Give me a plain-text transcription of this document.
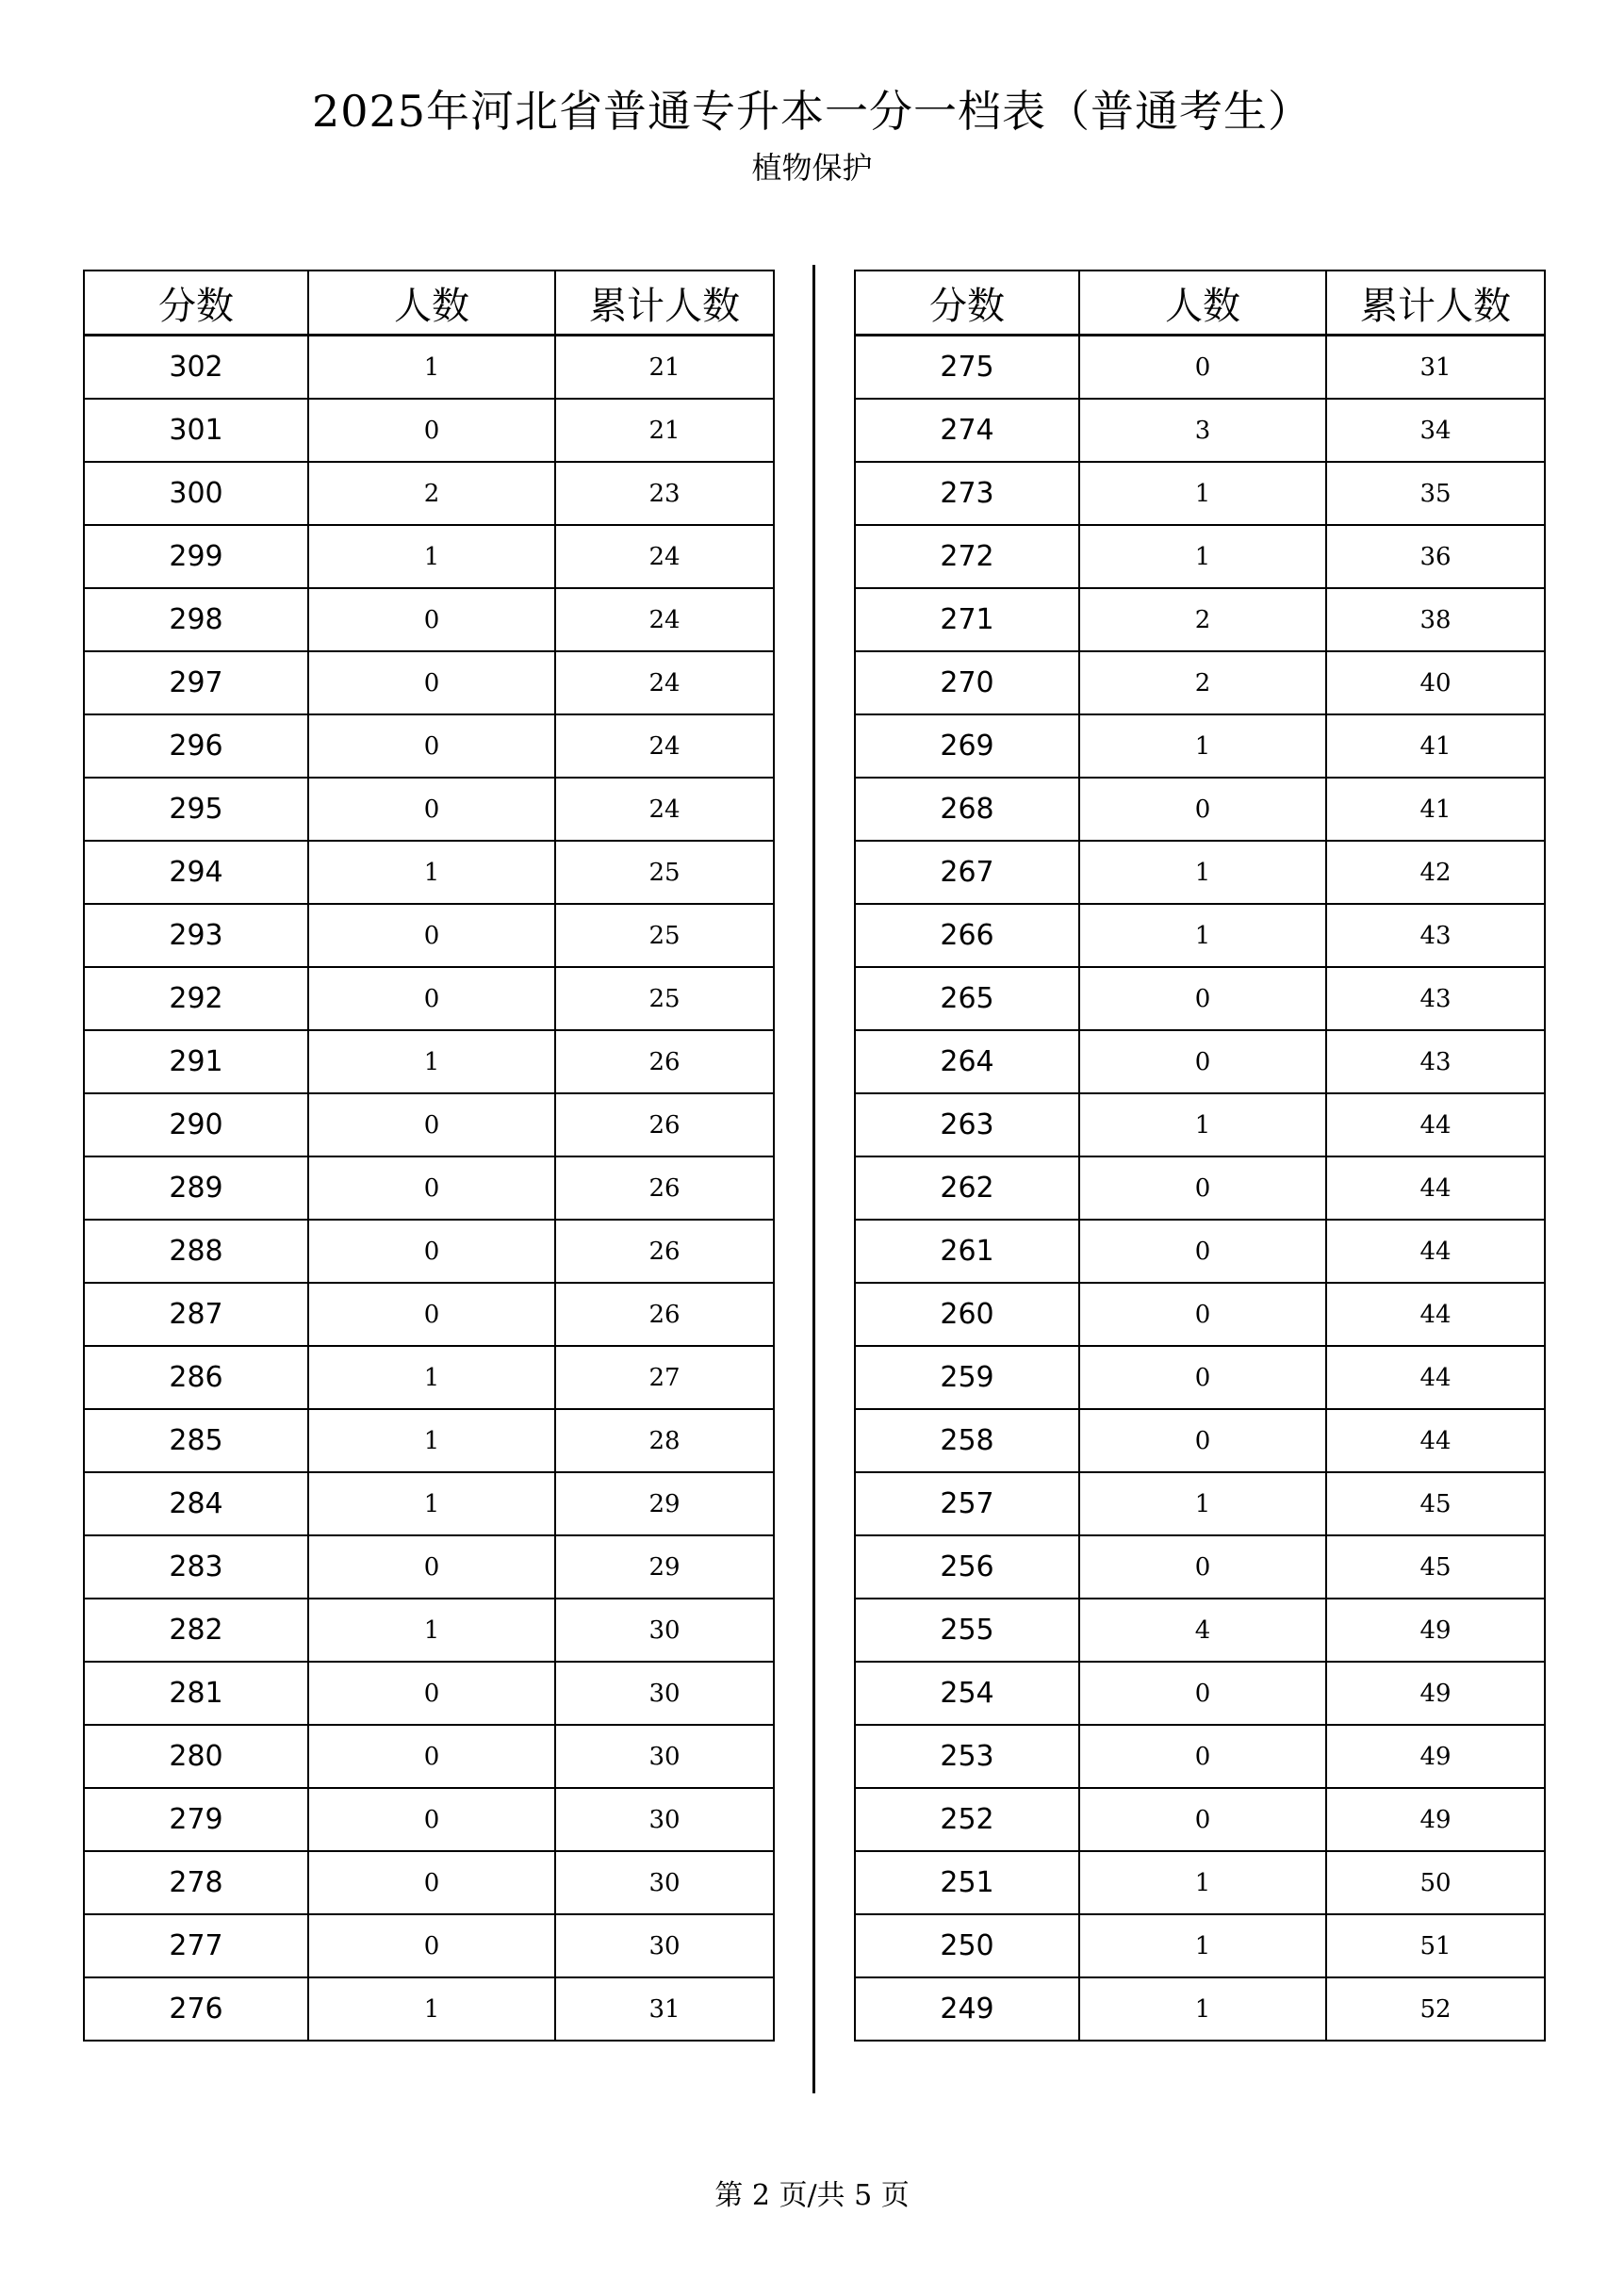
2025年河北省普通专升本一分一档表（普通考生）
植物保护
分数	人数	累计人数
302	1	21
301	0	21
300	2	23
299	1	24
298	0	24
297	0	24
296	0	24
295	0	24
294	1	25
293	0	25
292	0	25
291	1	26
290	0	26
289	0	26
288	0	26
287	0	26
286	1	27
285	1	28
284	1	29
283	0	29
282	1	30
281	0	30
280	0	30
279	0	30
278	0	30
277	0	30
276	1	31
分数	人数	累计人数
275	0	31
274	3	34
273	1	35
272	1	36
271	2	38
270	2	40
269	1	41
268	0	41
267	1	42
266	1	43
265	0	43
264	0	43
263	1	44
262	0	44
261	0	44
260	0	44
259	0	44
258	0	44
257	1	45
256	0	45
255	4	49
254	0	49
253	0	49
252	0	49
251	1	50
250	1	51
249	1	52
第 2 页/共 5 页
